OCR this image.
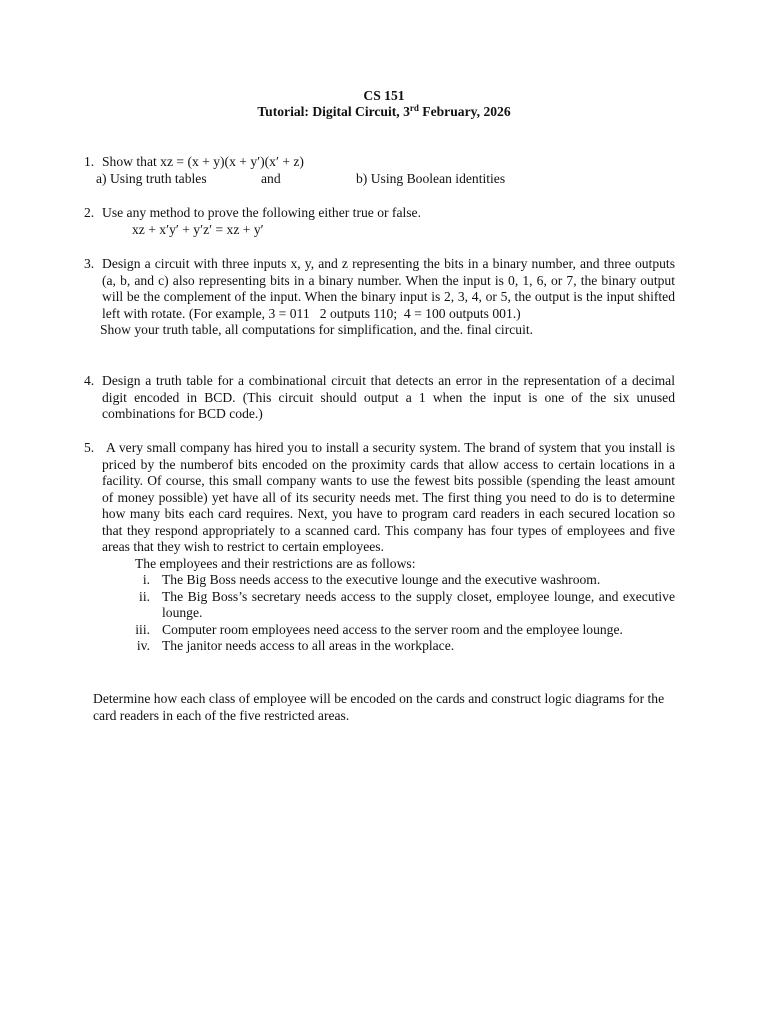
CS 151
Tutorial: Digital Circuit, 3rd February, 2026
1. Show that xz = (x + y)(x + y′)(x′ + z)
a) Using truth tables	and	b) Using Boolean identities
2. Use any method to prove the following either true or false.
xz + x′y′ + y′z′ = xz + y′
3. Design a circuit with three inputs x, y, and z representing the bits in a binary number, and three outputs (a, b, and c) also representing bits in a binary number. When the input is 0, 1, 6, or 7, the binary output will be the complement of the input. When the binary input is 2, 3, 4, or 5, the output is the input shifted left with rotate. (For example, 3 = 011   2 outputs 110;  4 = 100 outputs 001.)
Show your truth table, all computations for simplification, and the. final circuit.
4. Design a truth table for a combinational circuit that detects an error in the representation of a decimal digit encoded in BCD. (This circuit should output a 1 when the input is one of the six unused combinations for BCD code.)
5. A very small company has hired you to install a security system. The brand of system that you install is priced by the numberof bits encoded on the proximity cards that allow access to certain locations in a facility. Of course, this small company wants to use the fewest bits possible (spending the least amount of money possible) yet have all of its security needs met. The first thing you need to do is to determine how many bits each card requires. Next, you have to program card readers in each secured location so that they respond appropriately to a scanned card. This company has four types of employees and five areas that they wish to restrict to certain employees.
The employees and their restrictions are as follows:
i. The Big Boss needs access to the executive lounge and the executive washroom.
ii. The Big Boss’s secretary needs access to the supply closet, employee lounge, and executive lounge.
iii. Computer room employees need access to the server room and the employee lounge.
iv. The janitor needs access to all areas in the workplace.
Determine how each class of employee will be encoded on the cards and construct logic diagrams for the card readers in each of the five restricted areas.
